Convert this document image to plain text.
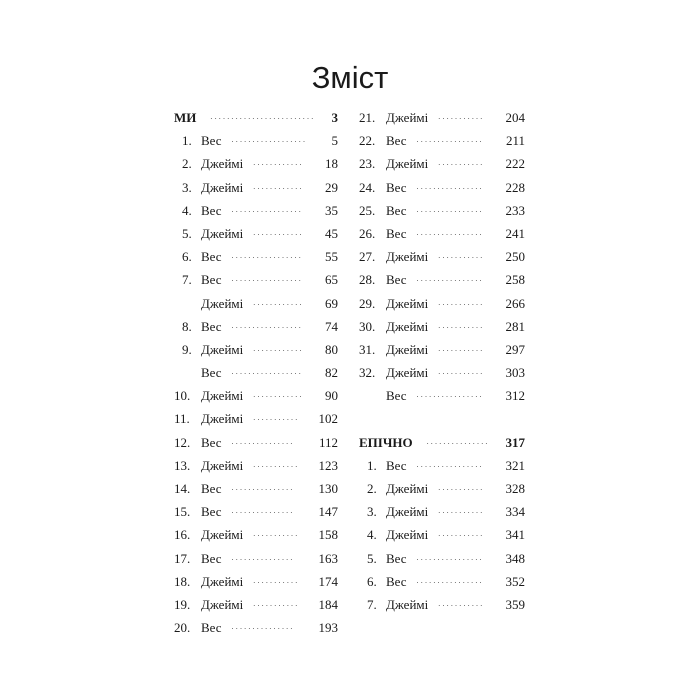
Зміст
МИ .........................	3
1. Вес ..................	5
2. Джеймі ............	18
3. Джеймі ............	29
4. Вес .................	35
5. Джеймі ............	45
6. Вес .................	55
7. Вес .................	65
Джеймі ............	69
8. Вес .................	74
9. Джеймі ............	80
Вес .................	82
10. Джеймі ............	90
11. Джеймі ...........	102
12. Вес ...............	112
13. Джеймі ...........	123
14. Вес ...............	130
15. Вес ...............	147
16. Джеймі ...........	158
17. Вес ...............	163
18. Джеймі ...........	174
19. Джеймі ...........	184
20. Вес ...............	193
21. Джеймі ...........	204
22. Вес ................	211
23. Джеймі ...........	222
24. Вес ................	228
25. Вес ................	233
26. Вес ................	241
27. Джеймі ...........	250
28. Вес ................	258
29. Джеймі ...........	266
30. Джеймі ...........	281
31. Джеймі ...........	297
32. Джеймі ...........	303
Вес ................	312
ЕПІЧНО ...............	317
1. Вес ................	321
2. Джеймі ...........	328
3. Джеймі ...........	334
4. Джеймі ...........	341
5. Вес ................	348
6. Вес ................	352
7. Джеймі ...........	359
